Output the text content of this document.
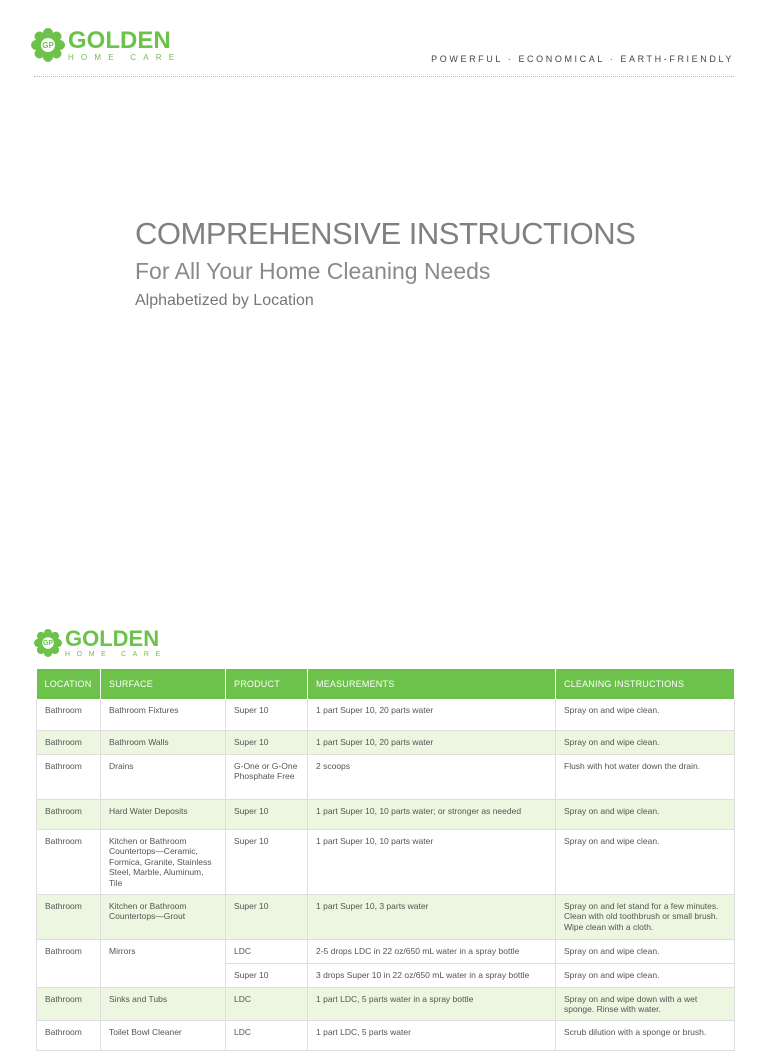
GP GOLDEN
HOME CARE	POWERFUL · ECONOMICAL · EARTH-FRIENDLY
COMPREHENSIVE INSTRUCTIONS
For All Your Home Cleaning Needs
Alphabetized by Location
GP GOLDEN
HOME CARE
LOCATION	SURFACE	PRODUCT	MEASUREMENTS	CLEANING INSTRUCTIONS
Bathroom	Bathroom Fixtures	Super 10	1 part Super 10, 20 parts water	Spray on and wipe clean.
Bathroom	Bathroom Walls	Super 10	1 part Super 10, 20 parts water	Spray on and wipe clean.
Bathroom	Drains	G-One or G-One Phosphate Free	2 scoops	Flush with hot water down the drain.
Bathroom	Hard Water Deposits	Super 10	1 part Super 10, 10 parts water; or stronger as needed	Spray on and wipe clean.
Bathroom	Kitchen or Bathroom Countertops—Ceramic, Formica, Granite, Stainless Steel, Marble, Aluminum, Tile	Super 10	1 part Super 10, 10 parts water	Spray on and wipe clean.
Bathroom	Kitchen or Bathroom Countertops—Grout	Super 10	1 part Super 10, 3 parts water	Spray on and let stand for a few minutes. Clean with old toothbrush or small brush. Wipe clean with a cloth.
Bathroom	Mirrors	LDC	2-5 drops LDC in 22 oz/650 mL water in a spray bottle	Spray on and wipe clean.
		Super 10	3 drops Super 10 in 22 oz/650 mL water in a spray bottle	Spray on and wipe clean.
Bathroom	Sinks and Tubs	LDC	1 part LDC, 5 parts water in a spray bottle	Spray on and wipe down with a wet sponge. Rinse with water.
Bathroom	Toilet Bowl Cleaner	LDC	1 part LDC, 5 parts water	Scrub dilution with a sponge or brush.
